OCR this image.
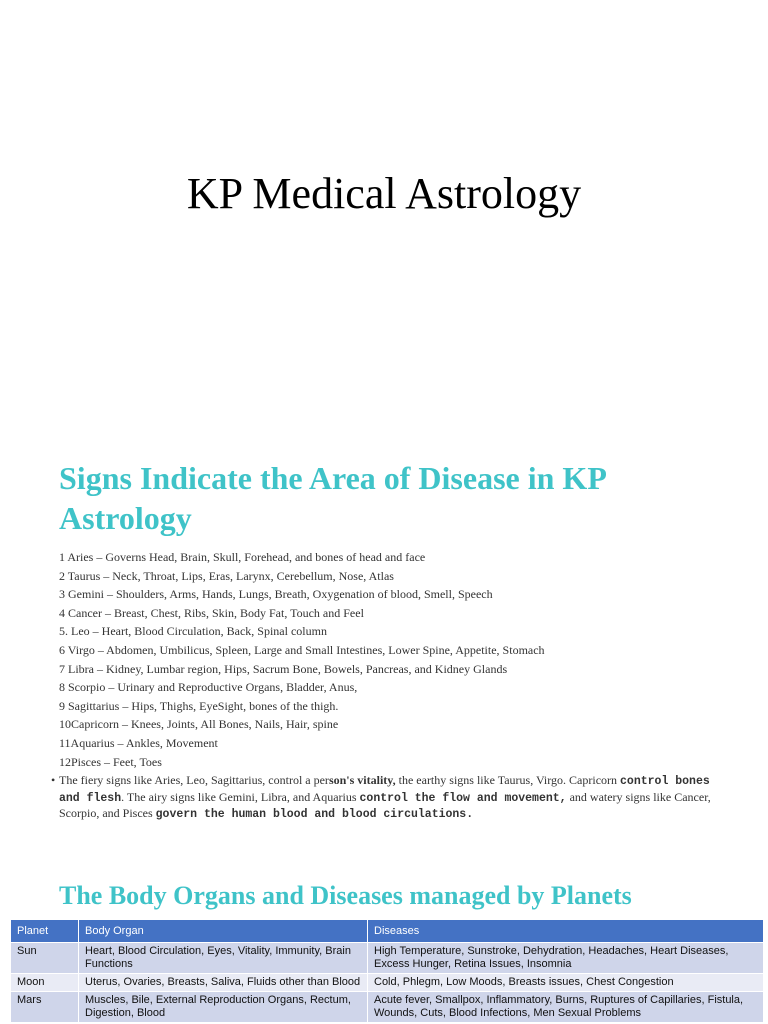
KP Medical Astrology
Signs Indicate the Area of Disease in KP Astrology
1 Aries – Governs Head, Brain, Skull, Forehead, and bones of head and face
2 Taurus – Neck, Throat, Lips, Eras, Larynx, Cerebellum, Nose, Atlas
3 Gemini – Shoulders, Arms, Hands, Lungs, Breath, Oxygenation of blood, Smell, Speech
4 Cancer – Breast, Chest, Ribs, Skin, Body Fat, Touch and Feel
5. Leo – Heart, Blood Circulation, Back, Spinal column
6 Virgo – Abdomen, Umbilicus, Spleen, Large and Small Intestines, Lower Spine, Appetite, Stomach
7 Libra – Kidney, Lumbar region, Hips, Sacrum Bone, Bowels, Pancreas, and Kidney Glands
8 Scorpio – Urinary and Reproductive Organs, Bladder, Anus,
9 Sagittarius – Hips, Thighs, EyeSight, bones of the thigh.
10Capricorn – Knees, Joints, All Bones, Nails, Hair, spine
11Aquarius – Ankles, Movement
12Pisces – Feet, Toes

• The fiery signs like Aries, Leo, Sagittarius, control a person's vitality, the earthy signs like Taurus, Virgo. Capricorn control bones and flesh. The airy signs like Gemini, Libra, and Aquarius control the flow and movement, and watery signs like Cancer, Scorpio, and Pisces govern the human blood and blood circulations.

The Body Organs and Diseases managed by Planets
Planet	Body Organ	Diseases
Sun	Heart, Blood Circulation, Eyes, Vitality, Immunity, Brain Functions	High Temperature, Sunstroke, Dehydration, Headaches, Heart Diseases, Excess Hunger, Retina Issues, Insomnia
Moon	Uterus, Ovaries, Breasts, Saliva, Fluids other than Blood	Cold, Phlegm, Low Moods, Breasts issues, Chest Congestion
Mars	Muscles, Bile, External Reproduction Organs, Rectum, Digestion, Blood	Acute fever, Smallpox, Inflammatory, Burns, Ruptures of Capillaries, Fistula, Wounds, Cuts, Blood Infections, Men Sexual Problems
